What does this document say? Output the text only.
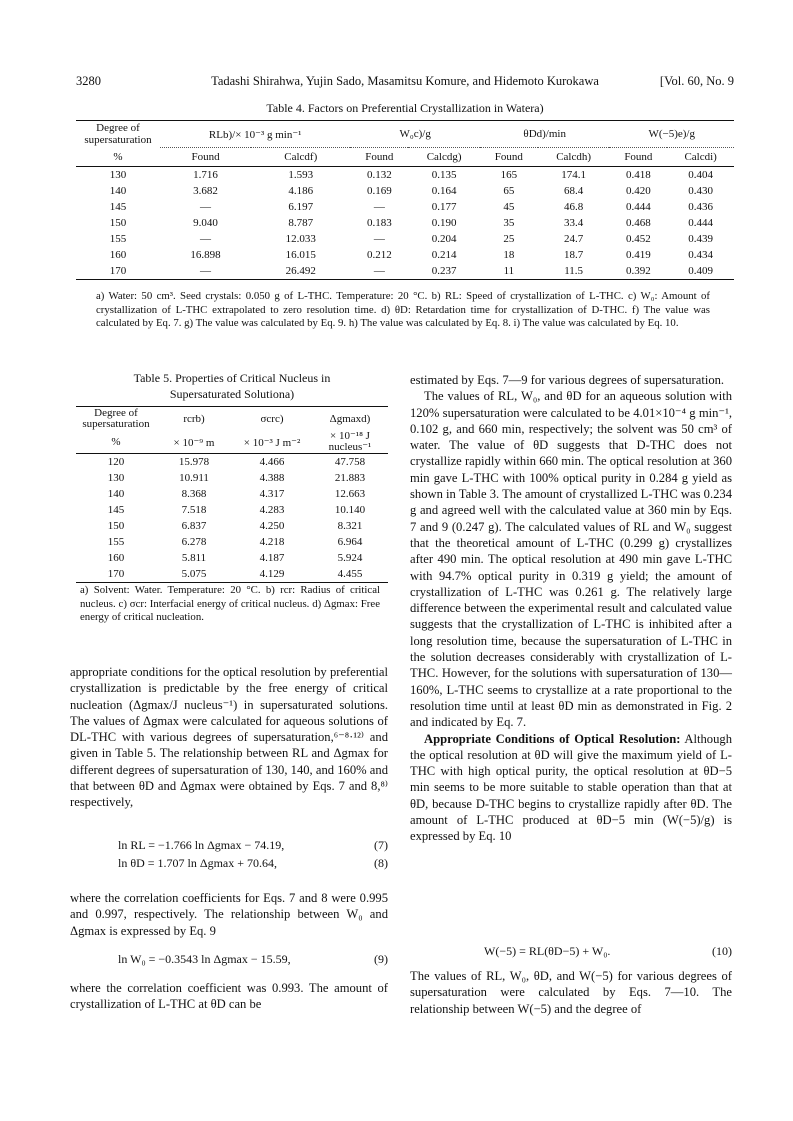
3280	Tadashi Shirahwa, Yujin Sado, Masamitsu Komure, and Hidemoto Kurokawa	[Vol. 60, No. 9
Table 4. Factors on Preferential Crystallization in Watera)
Degree of supersaturation	RLb)/× 10⁻³ g min⁻¹		W₀c)/g		θDd)/min		W(−5)e)/g	
%	Found	Calcdf)	Found	Calcdg)	Found	Calcdh)	Found	Calcdi)
130	1.716	1.593	0.132	0.135	165	174.1	0.418	0.404
140	3.682	4.186	0.169	0.164	65	68.4	0.420	0.430
145	—	6.197	—	0.177	45	46.8	0.444	0.436
150	9.040	8.787	0.183	0.190	35	33.4	0.468	0.444
155	—	12.033	—	0.204	25	24.7	0.452	0.439
160	16.898	16.015	0.212	0.214	18	18.7	0.419	0.434
170	—	26.492	—	0.237	11	11.5	0.392	0.409
a) Water: 50 cm³. Seed crystals: 0.050 g of L-THC. Temperature: 20 °C. b) RL: Speed of crystallization of L-THC. c) W₀: Amount of crystallization of L-THC extrapolated to zero resolution time. d) θD: Retardation time for crystallization of D-THC. f) The value was calculated by Eq. 7. g) The value was calculated by Eq. 9. h) The value was calculated by Eq. 8. i) The value was calculated by Eq. 10.
Table 5. Properties of Critical Nucleus in
Supersaturated Solutiona)
Degree of supersaturation	rcrb)	σcrc)	Δgmaxd)
%	× 10⁻⁹ m	× 10⁻³ J m⁻²	× 10⁻¹⁸ J nucleus⁻¹
120	15.978	4.466	47.758
130	10.911	4.388	21.883
140	8.368	4.317	12.663
145	7.518	4.283	10.140
150	6.837	4.250	8.321
155	6.278	4.218	6.964
160	5.811	4.187	5.924
170	5.075	4.129	4.455
a) Solvent: Water. Temperature: 20 °C. b) rcr: Radius of critical nucleus. c) σcr: Interfacial energy of critical nucleus. d) Δgmax: Free energy of critical nucleation.

appropriate conditions for the optical resolution by preferential crystallization is predictable by the free energy of critical nucleation (Δgmax/J nucleus⁻¹) in supersaturated solutions. The values of Δgmax were calculated for aqueous solutions of DL-THC with various degrees of supersaturation,⁶⁻⁸·¹²⁾ and given in Table 5. The relationship between RL and Δgmax for different degrees of supersaturation of 130, 140, and 160% and that between θD and Δgmax were obtained by Eqs. 7 and 8,⁸⁾ respectively,

ln RL = −1.766 ln Δgmax − 74.19,	(7)
ln θD = 1.707 ln Δgmax + 70.64,	(8)

where the correlation coefficients for Eqs. 7 and 8 were 0.995 and 0.997, respectively. The relationship between W₀ and Δgmax is expressed by Eq. 9

ln W₀ = −0.3543 ln Δgmax − 15.59,	(9)

where the correlation coefficient was 0.993. The amount of crystallization of L-THC at θD can be

estimated by Eqs. 7—9 for various degrees of supersaturation.

The values of RL, W₀, and θD for an aqueous solution with 120% supersaturation were calculated to be 4.01×10⁻⁴ g min⁻¹, 0.102 g, and 660 min, respectively; the solvent was 50 cm³ of water. The value of θD suggests that D-THC does not crystallize rapidly within 660 min. The optical resolution at 360 min gave L-THC with 100% optical purity in 0.284 g yield as shown in Table 3. The amount of crystallized L-THC was 0.234 g and agreed well with the calculated value at 360 min by Eqs. 7 and 9 (0.247 g). The calculated values of RL and W₀ suggest that the theoretical amount of L-THC (0.299 g) crystallizes after 490 min. The optical resolution at 490 min gave L-THC with 94.7% optical purity in 0.319 g yield; the amount of crystallization of L-THC was 0.261 g. The relatively large difference between the experimental result and calculated value suggests that the crystallization of L-THC is inhibited after a long resolution time, because the supersaturation of L-THC in the solution decreases considerably with crystallization of L-THC. However, for the solutions with supersaturation of 130—160%, L-THC seems to crystallize at a rate proportional to the resolution time until at least θD min as demonstrated in Fig. 2 and indicated by Eq. 7.

Appropriate Conditions of Optical Resolution: Although the optical resolution at θD will give the maximum yield of L-THC with high optical purity, the optical resolution at θD−5 min seems to be more suitable to stable operation than that at θD, because D-THC begins to crystallize rapidly after θD. The amount of L-THC produced at θD−5 min (W(−5)/g) is expressed by Eq. 10

W(−5) = RL(θD−5) + W₀.	(10)

The values of RL, W₀, θD, and W(−5) for various degrees of supersaturation were calculated by Eqs. 7—10. The relationship between W(−5) and the degree of
